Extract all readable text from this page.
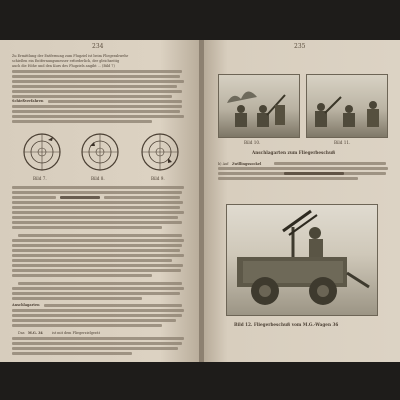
234
Zu Ermittlung der Entfernung zum Flugziel ist beim Fliegerabwehr
schießen ein Entfernungsmesser erforderlich, der gleichzeitig
auch die Höhe und den Kurs des Flugziels angibt ... (Bild 7)
Schießverfahren
Bild 7.	Bild 8.	Bild 9.
Anschlagarten
Das M.G. 34	ist mit dem Fliegerzielgerät
235
Bild 10.	Bild 11.
Anschlagarten zum Fliegerbeschuß
b) Auf Zwillingssockel
Bild 12. Fliegerbeschuß vom M.G.-Wagen 36
